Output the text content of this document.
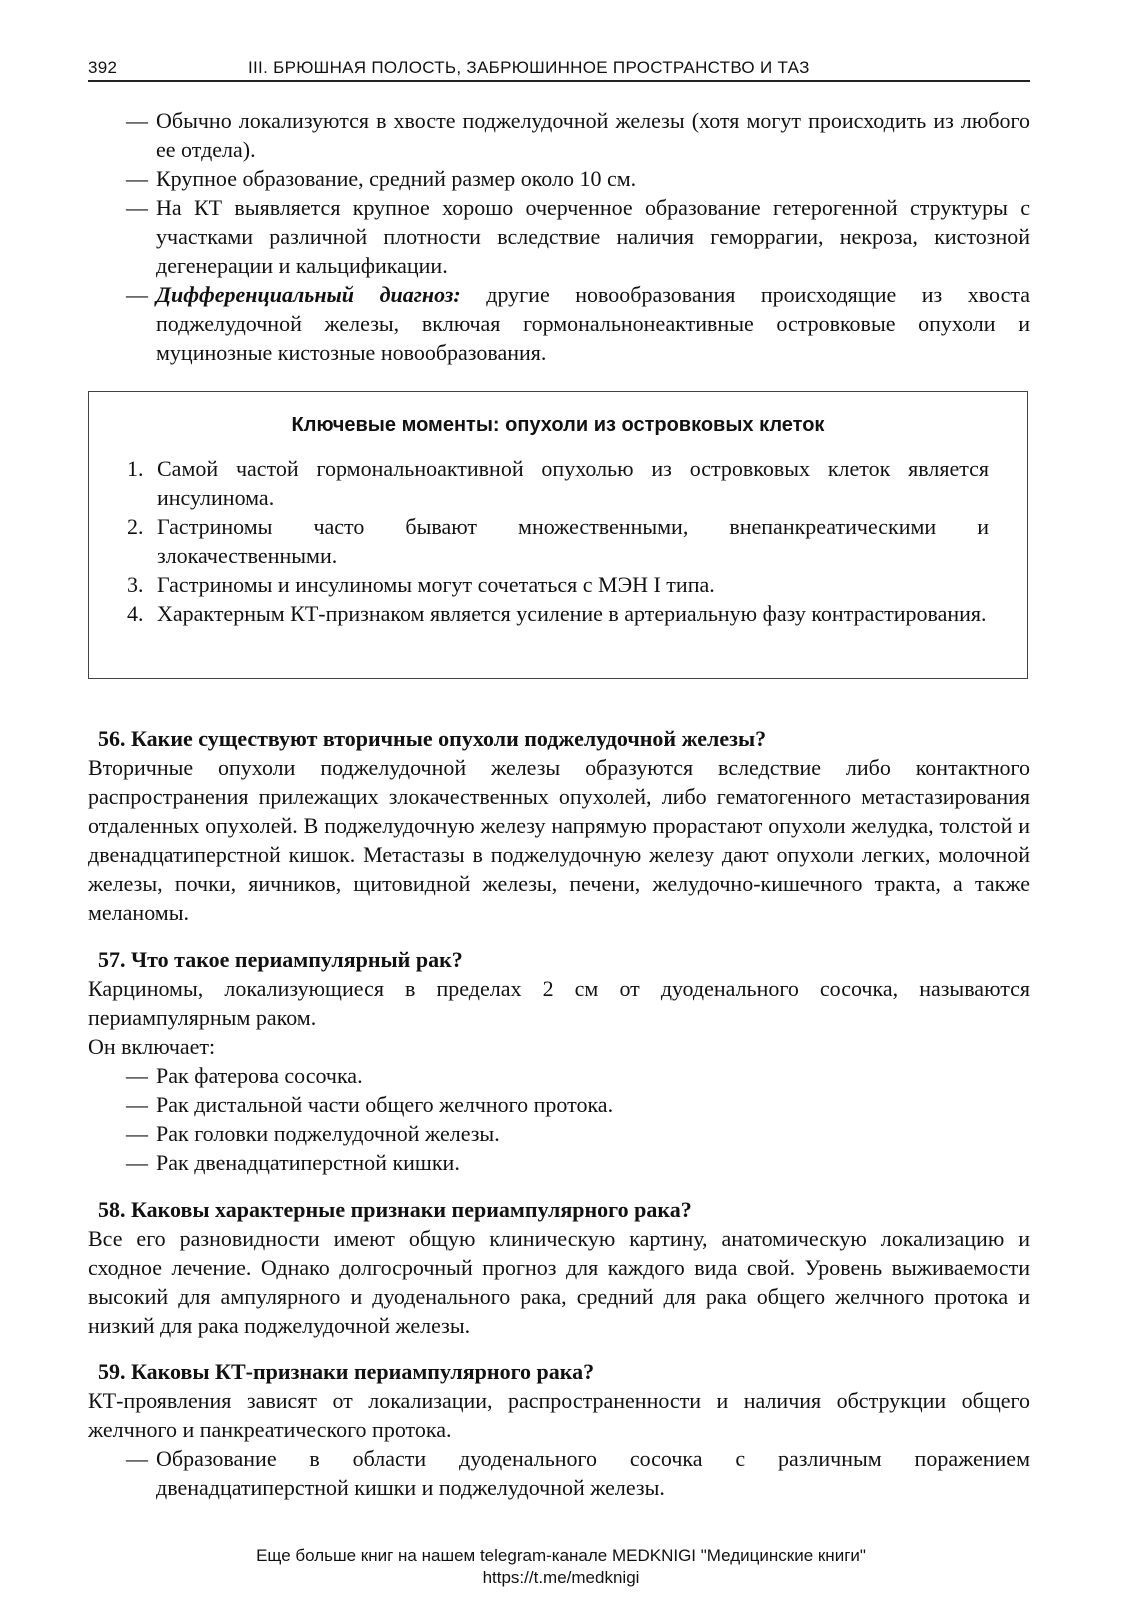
392	III. БРЮШНАЯ ПОЛОСТЬ, ЗАБРЮШИННОЕ ПРОСТРАНСТВО И ТАЗ
— Обычно локализуются в хвосте поджелудочной железы (хотя могут происходить из любого ее отдела).
— Крупное образование, средний размер около 10 см.
— На КТ выявляется крупное хорошо очерченное образование гетерогенной структуры с участками различной плотности вследствие наличия геморрагии, некроза, кистозной дегенерации и кальцификации.
— Дифференциальный диагноз: другие новообразования происходящие из хвоста поджелудочной железы, включая гормональнонеактивные островковые опухоли и муцинозные кистозные новообразования.
Ключевые моменты: опухоли из островковых клеток
1. Самой частой гормональноактивной опухолью из островковых клеток является инсулинома.
2. Гастриномы часто бывают множественными, внепанкреатическими и злокачественными.
3. Гастриномы и инсулиномы могут сочетаться с МЭН I типа.
4. Характерным КТ-признаком является усиление в артериальную фазу контрастирования.
56. Какие существуют вторичные опухоли поджелудочной железы?
Вторичные опухоли поджелудочной железы образуются вследствие либо контактного распространения прилежащих злокачественных опухолей, либо гематогенного метастазирования отдаленных опухолей. В поджелудочную железу напрямую прорастают опухоли желудка, толстой и двенадцатиперстной кишок. Метастазы в поджелудочную железу дают опухоли легких, молочной железы, почки, яичников, щитовидной железы, печени, желудочно-кишечного тракта, а также меланомы.
57. Что такое периампулярный рак?
Карциномы, локализующиеся в пределах 2 см от дуоденального сосочка, называются периампулярным раком.
Он включает:
— Рак фатерова сосочка.
— Рак дистальной части общего желчного протока.
— Рак головки поджелудочной железы.
— Рак двенадцатиперстной кишки.
58. Каковы характерные признаки периампулярного рака?
Все его разновидности имеют общую клиническую картину, анатомическую локализацию и сходное лечение. Однако долгосрочный прогноз для каждого вида свой. Уровень выживаемости высокий для ампулярного и дуоденального рака, средний для рака общего желчного протока и низкий для рака поджелудочной железы.
59. Каковы КТ-признаки периампулярного рака?
КТ-проявления зависят от локализации, распространенности и наличия обструкции общего желчного и панкреатического протока.
— Образование в области дуоденального сосочка с различным поражением двенадцатиперстной кишки и поджелудочной железы.
Еще больше книг на нашем telegram-канале MEDKNIGI "Медицинские книги"
https://t.me/medknigi
